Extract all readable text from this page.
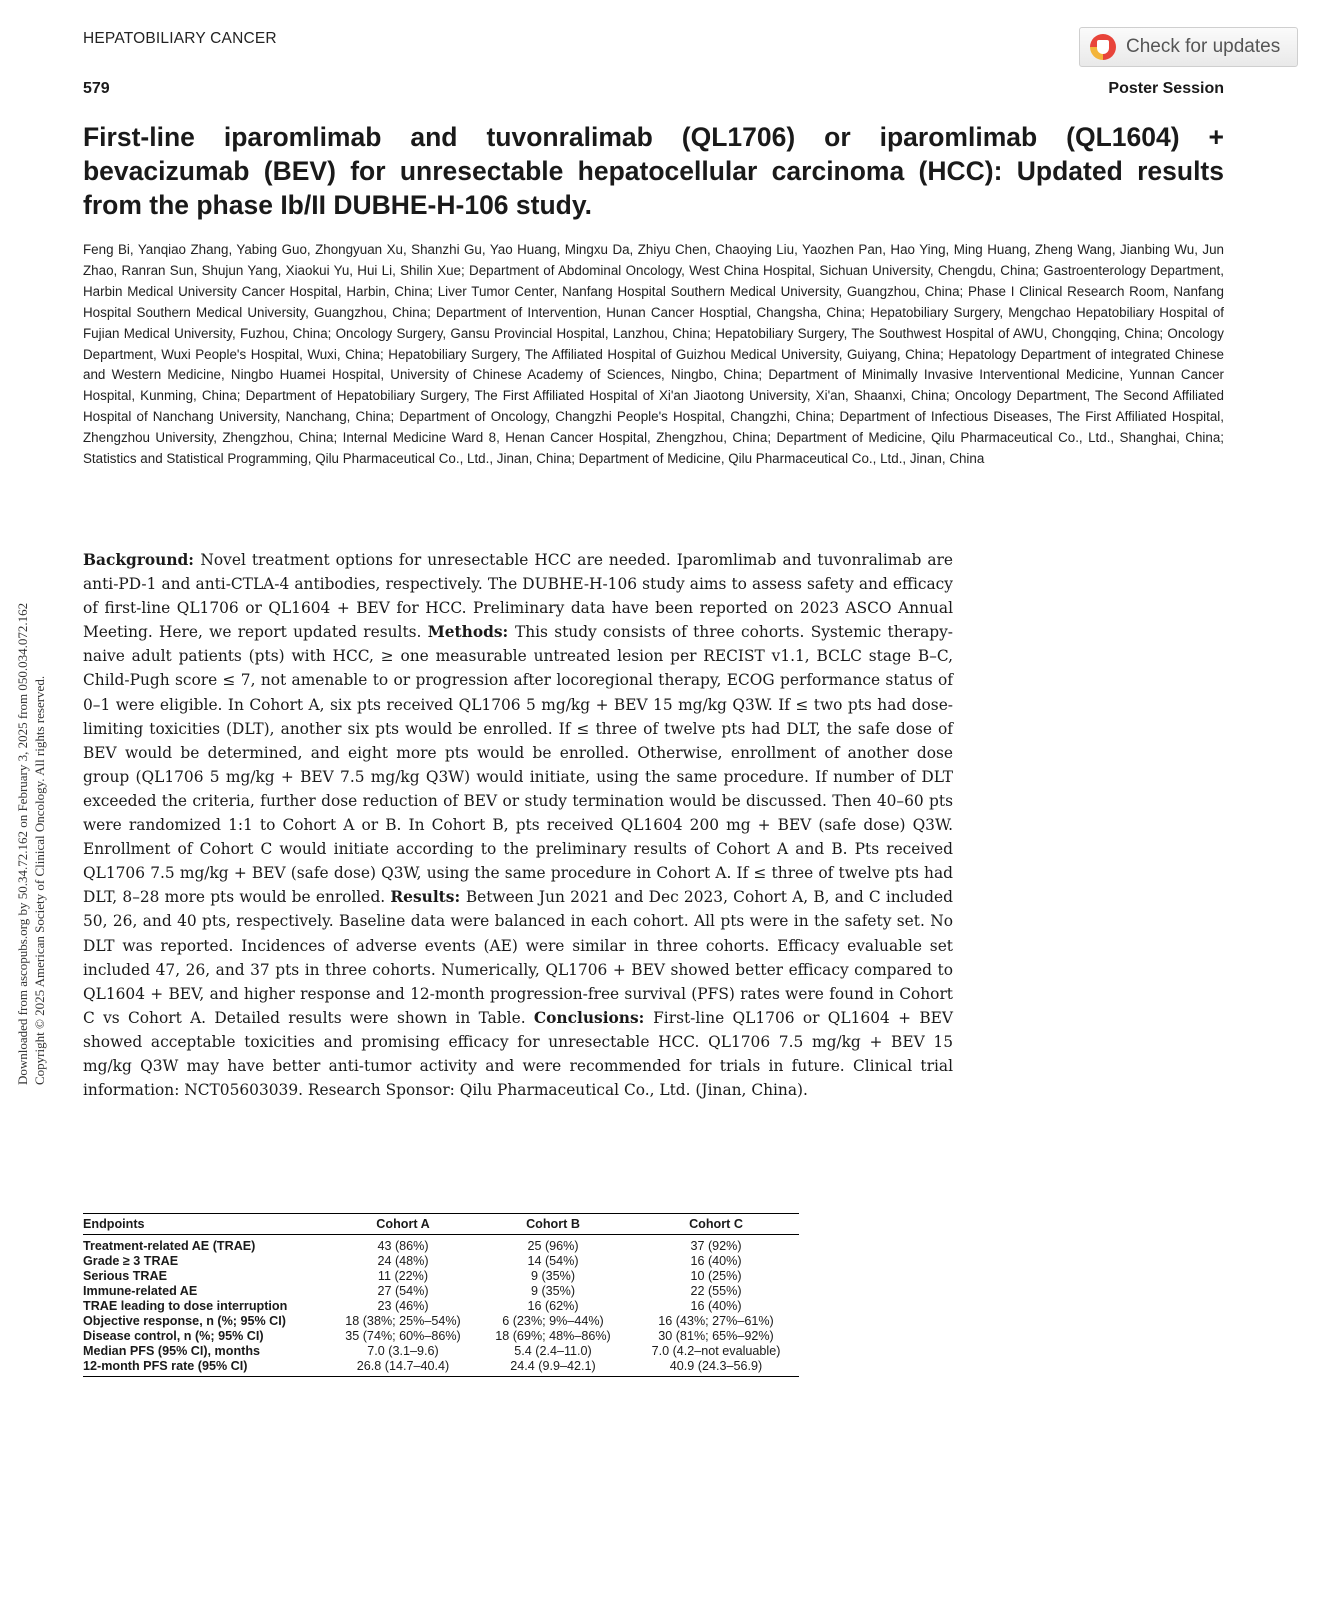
HEPATOBILIARY CANCER	Check for updates
579	Poster Session
First-line iparomlimab and tuvonralimab (QL1706) or iparomlimab (QL1604) + bevacizumab (BEV) for unresectable hepatocellular carcinoma (HCC): Updated results from the phase Ib/II DUBHE-H-106 study.

Feng Bi, Yanqiao Zhang, Yabing Guo, Zhongyuan Xu, Shanzhi Gu, Yao Huang, Mingxu Da, Zhiyu Chen, Chaoying Liu, Yaozhen Pan, Hao Ying, Ming Huang, Zheng Wang, Jianbing Wu, Jun Zhao, Ranran Sun, Shujun Yang, Xiaokui Yu, Hui Li, Shilin Xue; Department of Abdominal Oncology, West China Hospital, Sichuan University, Chengdu, China; Gastroenterology Department, Harbin Medical University Cancer Hospital, Harbin, China; Liver Tumor Center, Nanfang Hospital Southern Medical University, Guangzhou, China; Phase I Clinical Research Room, Nanfang Hospital Southern Medical University, Guangzhou, China; Department of Intervention, Hunan Cancer Hosptial, Changsha, China; Hepatobiliary Surgery, Mengchao Hepatobiliary Hospital of Fujian Medical University, Fuzhou, China; Oncology Surgery, Gansu Provincial Hospital, Lanzhou, China; Hepatobiliary Surgery, The Southwest Hospital of AWU, Chongqing, China; Oncology Department, Wuxi People's Hospital, Wuxi, China; Hepatobiliary Surgery, The Affiliated Hospital of Guizhou Medical University, Guiyang, China; Hepatology Department of integrated Chinese and Western Medicine, Ningbo Huamei Hospital, University of Chinese Academy of Sciences, Ningbo, China; Department of Minimally Invasive Interventional Medicine, Yunnan Cancer Hospital, Kunming, China; Department of Hepatobiliary Surgery, The First Affiliated Hospital of Xi'an Jiaotong University, Xi'an, Shaanxi, China; Oncology Department, The Second Affiliated Hospital of Nanchang University, Nanchang, China; Department of Oncology, Changzhi People's Hospital, Changzhi, China; Department of Infectious Diseases, The First Affiliated Hospital, Zhengzhou University, Zhengzhou, China; Internal Medicine Ward 8, Henan Cancer Hospital, Zhengzhou, China; Department of Medicine, Qilu Pharmaceutical Co., Ltd., Shanghai, China; Statistics and Statistical Programming, Qilu Pharmaceutical Co., Ltd., Jinan, China; Department of Medicine, Qilu Pharmaceutical Co., Ltd., Jinan, China

Background: Novel treatment options for unresectable HCC are needed. Iparomlimab and tuvonralimab are anti-PD-1 and anti-CTLA-4 antibodies, respectively. The DUBHE-H-106 study aims to assess safety and efficacy of first-line QL1706 or QL1604 + BEV for HCC. Preliminary data have been reported on 2023 ASCO Annual Meeting. Here, we report updated results. Methods: This study consists of three cohorts. Systemic therapy-naive adult patients (pts) with HCC, ≥ one measurable untreated lesion per RECIST v1.1, BCLC stage B–C, Child-Pugh score ≤ 7, not amenable to or progression after locoregional therapy, ECOG performance status of 0–1 were eligible. In Cohort A, six pts received QL1706 5 mg/kg + BEV 15 mg/kg Q3W. If ≤ two pts had dose-limiting toxicities (DLT), another six pts would be enrolled. If ≤ three of twelve pts had DLT, the safe dose of BEV would be determined, and eight more pts would be enrolled. Otherwise, enrollment of another dose group (QL1706 5 mg/kg + BEV 7.5 mg/kg Q3W) would initiate, using the same procedure. If number of DLT exceeded the criteria, further dose reduction of BEV or study termination would be discussed. Then 40–60 pts were randomized 1:1 to Cohort A or B. In Cohort B, pts received QL1604 200 mg + BEV (safe dose) Q3W. Enrollment of Cohort C would initiate according to the preliminary results of Cohort A and B. Pts received QL1706 7.5 mg/kg + BEV (safe dose) Q3W, using the same procedure in Cohort A. If ≤ three of twelve pts had DLT, 8–28 more pts would be enrolled. Results: Between Jun 2021 and Dec 2023, Cohort A, B, and C included 50, 26, and 40 pts, respectively. Baseline data were balanced in each cohort. All pts were in the safety set. No DLT was reported. Incidences of adverse events (AE) were similar in three cohorts. Efficacy evaluable set included 47, 26, and 37 pts in three cohorts. Numerically, QL1706 + BEV showed better efficacy compared to QL1604 + BEV, and higher response and 12-month progression-free survival (PFS) rates were found in Cohort C vs Cohort A. Detailed results were shown in Table. Conclusions: First-line QL1706 or QL1604 + BEV showed acceptable toxicities and promising efficacy for unresectable HCC. QL1706 7.5 mg/kg + BEV 15 mg/kg Q3W may have better anti-tumor activity and were recommended for trials in future. Clinical trial information: NCT05603039. Research Sponsor: Qilu Pharmaceutical Co., Ltd. (Jinan, China).

Downloaded from ascopubs.org by 50.34.72.162 on February 3, 2025 from 050.034.072.162 Copyright © 2025 American Society of Clinical Oncology. All rights reserved.
Endpoints	Cohort A	Cohort B	Cohort C
Treatment-related AE (TRAE)	43 (86%)	25 (96%)	37 (92%)
Grade ≥ 3 TRAE	24 (48%)	14 (54%)	16 (40%)
Serious TRAE	11 (22%)	9 (35%)	10 (25%)
Immune-related AE	27 (54%)	9 (35%)	22 (55%)
TRAE leading to dose interruption	23 (46%)	16 (62%)	16 (40%)
Objective response, n (%; 95% CI)	18 (38%; 25%–54%)	6 (23%; 9%–44%)	16 (43%; 27%–61%)
Disease control, n (%; 95% CI)	35 (74%; 60%–86%)	18 (69%; 48%–86%)	30 (81%; 65%–92%)
Median PFS (95% CI), months	7.0 (3.1–9.6)	5.4 (2.4–11.0)	7.0 (4.2–not evaluable)
12-month PFS rate (95% CI)	26.8 (14.7–40.4)	24.4 (9.9–42.1)	40.9 (24.3–56.9)
